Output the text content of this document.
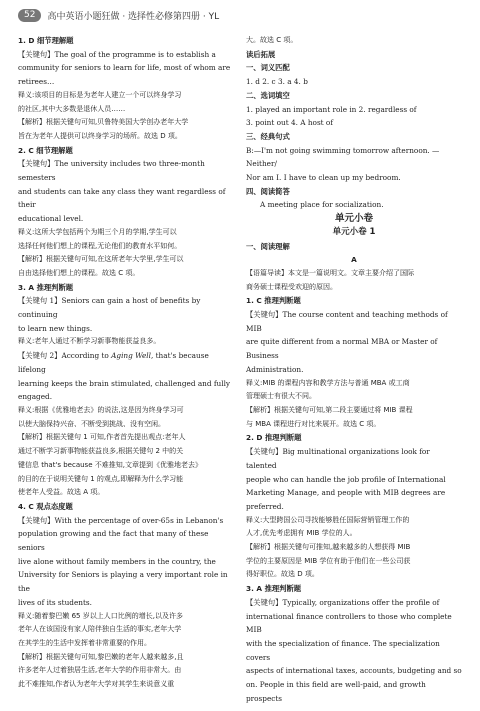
52	高中英语小题狂做 · 选择性必修第四册 · YL

1. D 细节理解题

【关键句】The goal of the programme is to establish a

community for seniors to learn for life, most of whom are

retirees…

释义:该项目的目标是为老年人建立一个可以终身学习

的社区,其中大多数是退休人员……

【解析】根据关键句可知,贝鲁特美国大学创办老年大学

旨在为老年人提供可以终身学习的场所。故选 D 项。

2. C 细节理解题

【关键句】The university includes two three-month semesters

and students can take any class they want regardless of their

educational level.

释义:这所大学包括两个为期三个月的学期,学生可以

选择任何他们想上的课程,无论他们的教育水平如何。

【解析】根据关键句可知,在这所老年大学里,学生可以

自由选择他们想上的课程。故选 C 项。

3. A 推理判断题

【关键句 1】Seniors can gain a host of benefits by continuing

to learn new things.

释义:老年人通过不断学习新事物能获益良多。

【关键句 2】According to Aging Well, that's because lifelong

learning keeps the brain stimulated, challenged and fully

engaged.

释义:根据《优雅地老去》的说法,这是因为终身学习可

以使大脑保持兴奋、不断受到挑战、没有空闲。

【解析】根据关键句 1 可知,作者首先提出观点:老年人

通过不断学习新事物能获益良多,根据关键句 2 中的关

键信息 that's because 不难推知,文章提到《优雅地老去》

的目的在于说明关键句 1 的观点,即解释为什么学习能

使老年人受益。故选 A 项。

4. C 观点态度题

【关键句】With the percentage of over-65s in Lebanon's

population growing and the fact that many of these seniors

live alone without family members in the country, the

University for Seniors is playing a very important role in the

lives of its students.

释义:随着黎巴嫩 65 岁以上人口比例的增长,以及许多

老年人在该国没有家人陪伴独自生活的事实,老年大学

在其学生的生活中发挥着非常重要的作用。

【解析】根据关键句可知,黎巴嫩的老年人越来越多,且

许多老年人过着独居生活,老年大学的作用非常大。由

此不难推知,作者认为老年大学对其学生来说意义重

大。故选 C 项。

读后拓展

一、词义匹配

1. d 2. c 3. a 4. b

二、选词填空

1. played an important role in 2. regardless of

3. point out 4. A host of

三、经典句式

B:—I'm not going swimming tomorrow afternoon. —Neither/

Nor am I. I have to clean up my bedroom.

四、阅读简答

A meeting place for socialization.

单元小卷

单元小卷 1

一、阅读理解

A

【语篇导读】本文是一篇说明文。文章主要介绍了国际

商务硕士课程受欢迎的原因。

1. C 推理判断题

【关键句】The course content and teaching methods of MIB

are quite different from a normal MBA or Master of Business

Administration.

释义:MIB 的课程内容和教学方法与普通 MBA 或工商

管理硕士有很大不同。

【解析】根据关键句可知,第二段主要通过将 MIB 课程

与 MBA 课程进行对比来展开。故选 C 项。

2. D 推理判断题

【关键句】Big multinational organizations look for talented

people who can handle the job profile of International

Marketing Manage, and people with MIB degrees are

preferred.

释义:大型跨国公司寻找能够胜任国际营销管理工作的

人才,优先考虑拥有 MIB 学位的人。

【解析】根据关键句可推知,越来越多的人想获得 MIB

学位的主要原因是 MIB 学位有助于他们在一些公司获

得好职位。故选 D 项。

3. A 推理判断题

【关键句】Typically, organizations offer the profile of

international finance controllers to those who complete MIB

with the specialization of finance. The specialization covers

aspects of international taxes, accounts, budgeting and so

on. People in this field are well-paid, and growth prospects
